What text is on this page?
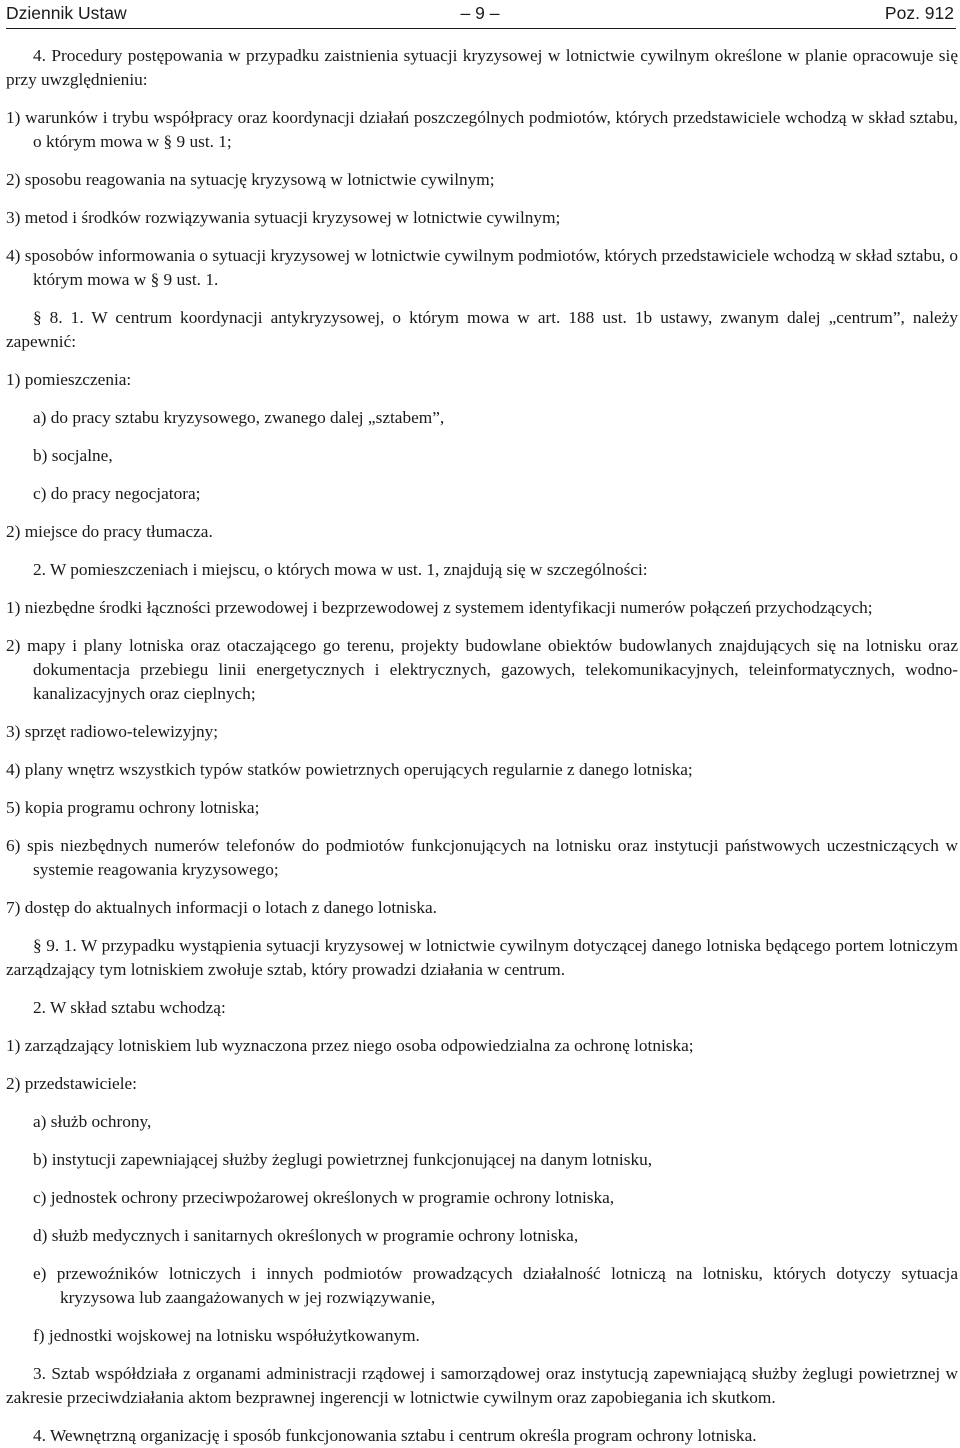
Dziennik Ustaw	– 9 –	Poz. 912

4. Procedury postępowania w przypadku zaistnienia sytuacji kryzysowej w lotnictwie cywilnym określone w planie opracowuje się przy uwzględnieniu:

1) warunków i trybu współpracy oraz koordynacji działań poszczególnych podmiotów, których przedstawiciele wchodzą w skład sztabu, o którym mowa w § 9 ust. 1;

2) sposobu reagowania na sytuację kryzysową w lotnictwie cywilnym;

3) metod i środków rozwiązywania sytuacji kryzysowej w lotnictwie cywilnym;

4) sposobów informowania o sytuacji kryzysowej w lotnictwie cywilnym podmiotów, których przedstawiciele wchodzą w skład sztabu, o którym mowa w § 9 ust. 1.

§ 8. 1. W centrum koordynacji antykryzysowej, o którym mowa w art. 188 ust. 1b ustawy, zwanym dalej „centrum”, należy zapewnić:

1) pomieszczenia:

a) do pracy sztabu kryzysowego, zwanego dalej „sztabem”,

b) socjalne,

c) do pracy negocjatora;

2) miejsce do pracy tłumacza.

2. W pomieszczeniach i miejscu, o których mowa w ust. 1, znajdują się w szczególności:

1) niezbędne środki łączności przewodowej i bezprzewodowej z systemem identyfikacji numerów połączeń przychodzących;

2) mapy i plany lotniska oraz otaczającego go terenu, projekty budowlane obiektów budowlanych znajdujących się na lotnisku oraz dokumentacja przebiegu linii energetycznych i elektrycznych, gazowych, telekomunikacyjnych, teleinformatycznych, wodno-kanalizacyjnych oraz cieplnych;

3) sprzęt radiowo-telewizyjny;

4) plany wnętrz wszystkich typów statków powietrznych operujących regularnie z danego lotniska;

5) kopia programu ochrony lotniska;

6) spis niezbędnych numerów telefonów do podmiotów funkcjonujących na lotnisku oraz instytucji państwowych uczestniczących w systemie reagowania kryzysowego;

7) dostęp do aktualnych informacji o lotach z danego lotniska.

§ 9. 1. W przypadku wystąpienia sytuacji kryzysowej w lotnictwie cywilnym dotyczącej danego lotniska będącego portem lotniczym zarządzający tym lotniskiem zwołuje sztab, który prowadzi działania w centrum.

2. W skład sztabu wchodzą:

1) zarządzający lotniskiem lub wyznaczona przez niego osoba odpowiedzialna za ochronę lotniska;

2) przedstawiciele:

a) służb ochrony,

b) instytucji zapewniającej służby żeglugi powietrznej funkcjonującej na danym lotnisku,

c) jednostek ochrony przeciwpożarowej określonych w programie ochrony lotniska,

d) służb medycznych i sanitarnych określonych w programie ochrony lotniska,

e) przewoźników lotniczych i innych podmiotów prowadzących działalność lotniczą na lotnisku, których dotyczy sytuacja kryzysowa lub zaangażowanych w jej rozwiązywanie,

f) jednostki wojskowej na lotnisku współużytkowanym.

3. Sztab współdziała z organami administracji rządowej i samorządowej oraz instytucją zapewniającą służby żeglugi powietrznej w zakresie przeciwdziałania aktom bezprawnej ingerencji w lotnictwie cywilnym oraz zapobiegania ich skutkom.

4. Wewnętrzną organizację i sposób funkcjonowania sztabu i centrum określa program ochrony lotniska.
